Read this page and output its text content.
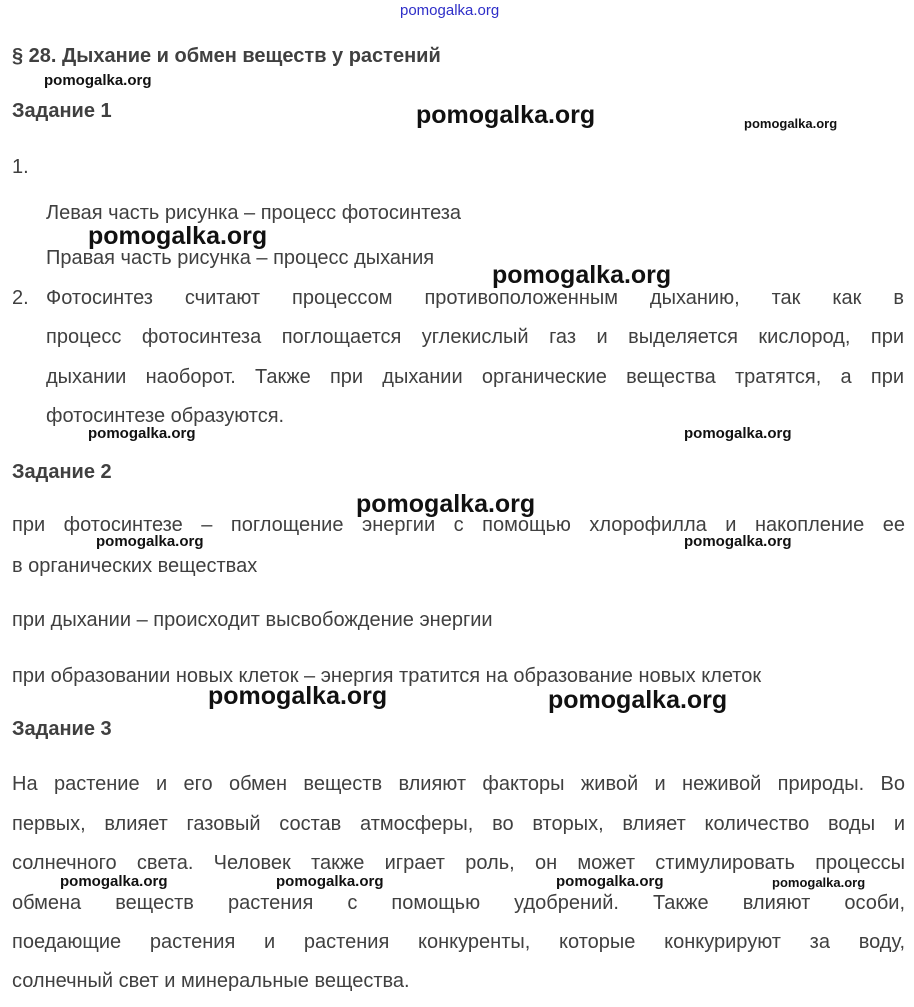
pomogalka.org
§ 28. Дыхание и обмен веществ у растений
Задание 1
1.
Левая часть рисунка – процесс фотосинтеза
Правая часть рисунка – процесс дыхания
2. Фотосинтез считают процессом противоположенным дыханию, так как в
процесс фотосинтеза поглощается углекислый газ и выделяется кислород, при
дыхании наоборот. Также при дыхании органические вещества тратятся, а при
фотосинтезе образуются.
Задание 2
при фотосинтезе – поглощение энергии с помощью хлорофилла и накопление ее
в органических веществах
при дыхании – происходит высвобождение энергии
при образовании новых клеток – энергия тратится на образование новых клеток
Задание 3
На растение и его обмен веществ влияют факторы живой и неживой природы. Во
первых, влияет газовый состав атмосферы, во вторых, влияет количество воды и
солнечного света. Человек также играет роль, он может стимулировать процессы
обмена веществ растения с помощью удобрений. Также влияют особи,
поедающие растения и растения конкуренты, которые конкурируют за воду,
солнечный свет и минеральные вещества.
pomogalka.org
pomogalka.org	pomogalka.org
pomogalka.org
pomogalka.org
pomogalka.org	pomogalka.org
pomogalka.org
pomogalka.org	pomogalka.org
pomogalka.org	pomogalka.org
pomogalka.org	pomogalka.org	pomogalka.org	pomogalka.org
